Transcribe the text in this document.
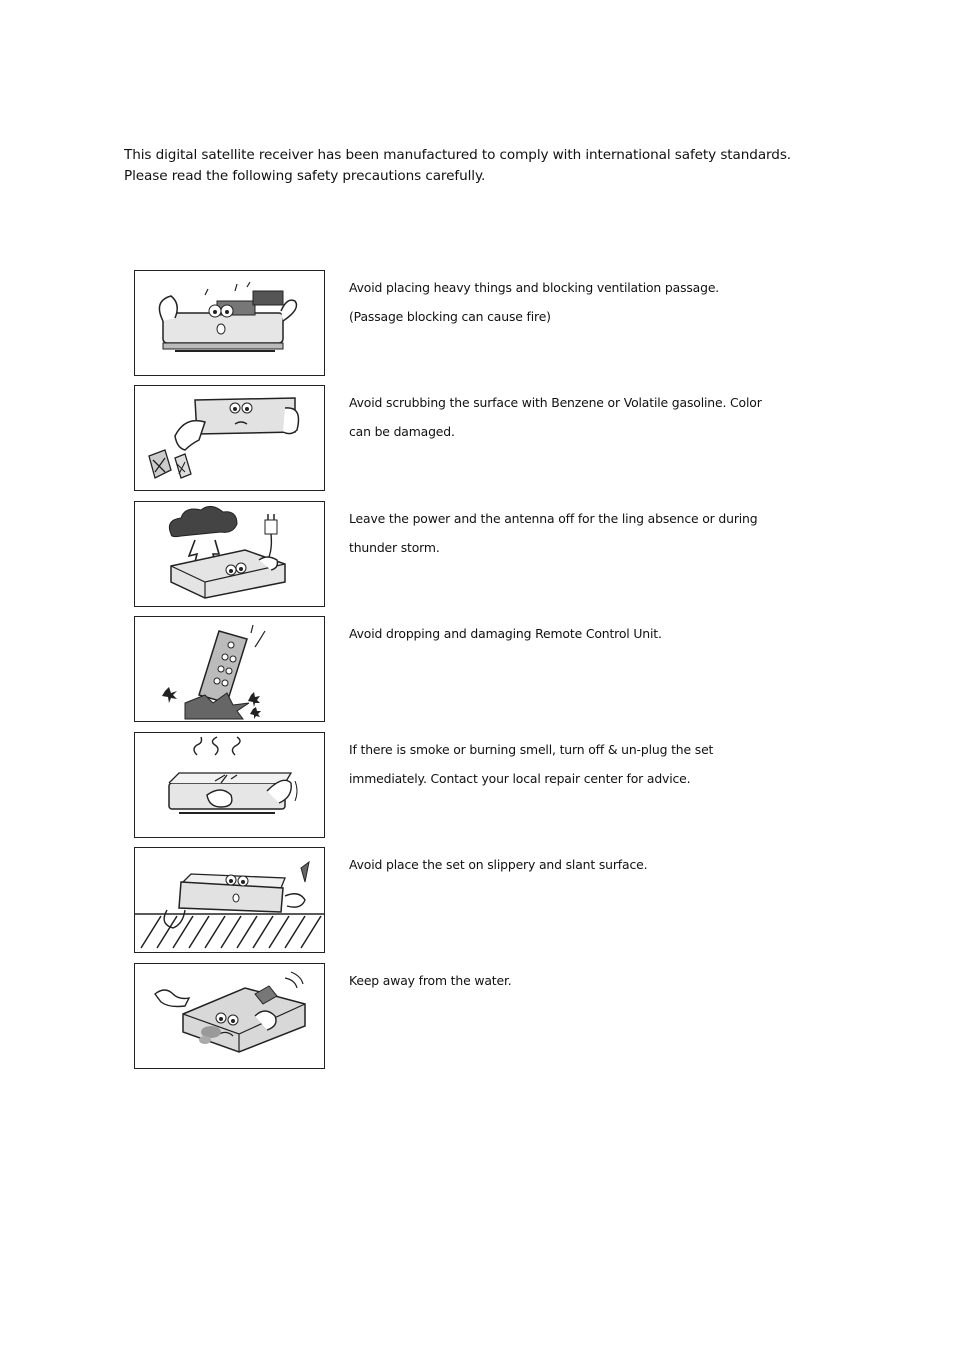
This digital satellite receiver has been manufactured to comply with international safety standards. Please read the following safety precautions carefully.

Avoid placing heavy things and blocking ventilation passage.

(Passage blocking can cause fire)

Avoid scrubbing the surface with Benzene or Volatile gasoline. Color

can be damaged.

Leave the power and the antenna off for the ling absence or during

thunder storm.

Avoid dropping and damaging Remote Control Unit.

If there is smoke or burning smell, turn off & un-plug the set

immediately. Contact your local repair center for advice.

Avoid place the set on slippery and slant surface.

Keep away from the water.
